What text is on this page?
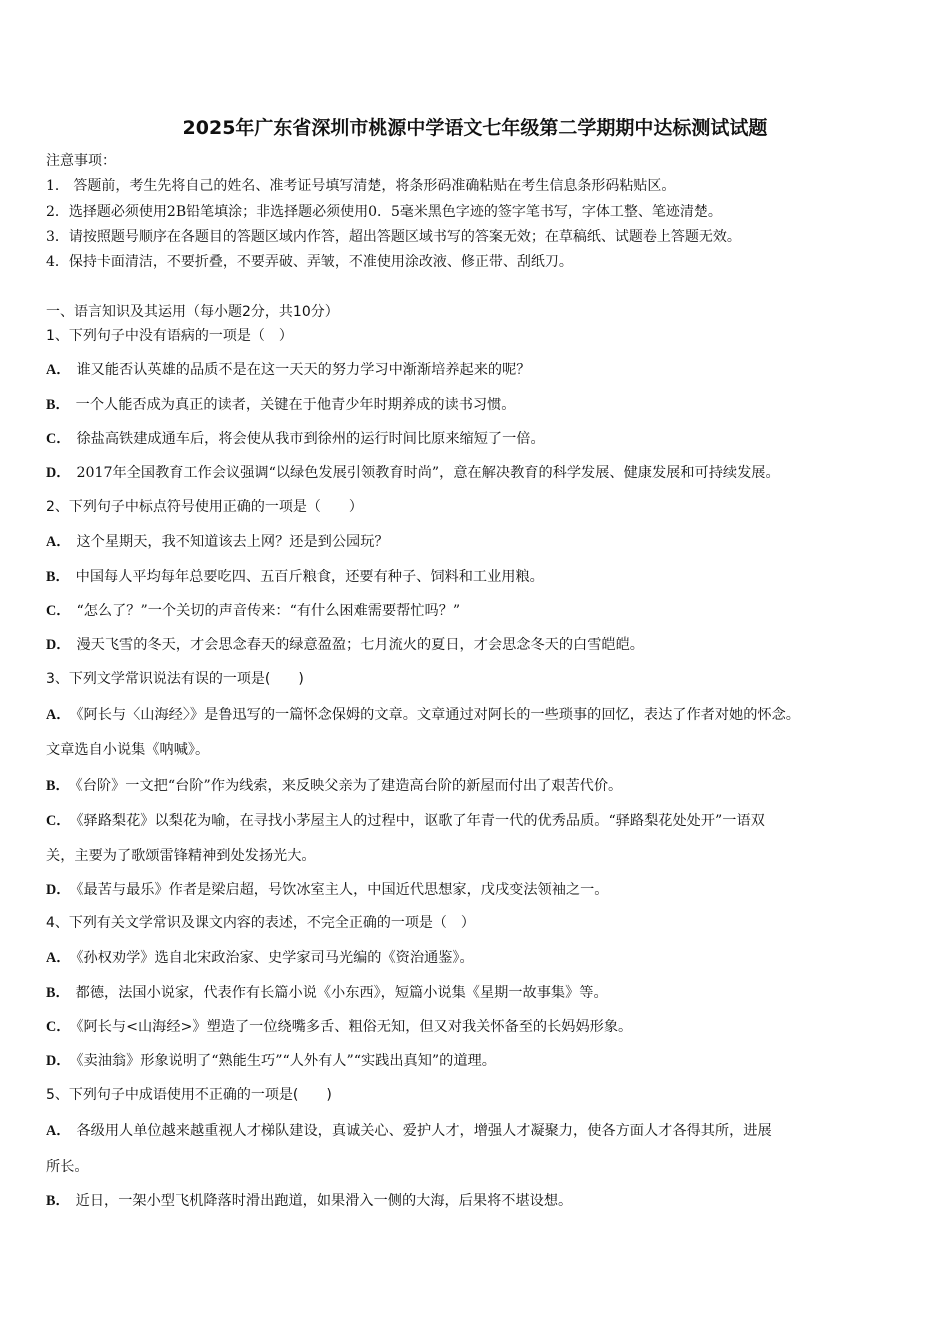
2025年广东省深圳市桃源中学语文七年级第二学期期中达标测试试题
注意事项：
1． 答题前，考生先将自己的姓名、准考证号填写清楚，将条形码准确粘贴在考生信息条形码粘贴区。
2．选择题必须使用2B铅笔填涂；非选择题必须使用0．5毫米黑色字迹的签字笔书写，字体工整、笔迹清楚。
3．请按照题号顺序在各题目的答题区域内作答，超出答题区域书写的答案无效；在草稿纸、试题卷上答题无效。
4．保持卡面清洁，不要折叠，不要弄破、弄皱，不准使用涂改液、修正带、刮纸刀。
一、语言知识及其运用（每小题2分，共10分）
1、下列句子中没有语病的一项是（　）
A． 谁又能否认英雄的品质不是在这一天天的努力学习中渐渐培养起来的呢？
B． 一个人能否成为真正的读者，关键在于他青少年时期养成的读书习惯。
C． 徐盐高铁建成通车后，将会使从我市到徐州的运行时间比原来缩短了一倍。
D． 2017年全国教育工作会议强调“以绿色发展引领教育时尚”，意在解决教育的科学发展、健康发展和可持续发展。
2、下列句子中标点符号使用正确的一项是（　　）
A． 这个星期天，我不知道该去上网？还是到公园玩？
B． 中国每人平均每年总要吃四、五百斤粮食，还要有种子、饲料和工业用粮。
C． “怎么了？”一个关切的声音传来：“有什么困难需要帮忙吗？”
D． 漫天飞雪的冬天，才会思念春天的绿意盈盈；七月流火的夏日，才会思念冬天的白雪皑皑。
3、下列文学常识说法有误的一项是(　　)
A． 《阿长与〈山海经〉》是鲁迅写的一篇怀念保姆的文章。文章通过对阿长的一些琐事的回忆，表达了作者对她的怀念。
文章选自小说集《呐喊》。
B． 《台阶》一文把“台阶”作为线索，来反映父亲为了建造高台阶的新屋而付出了艰苦代价。
C． 《驿路梨花》以梨花为喻，在寻找小茅屋主人的过程中，讴歌了年青一代的优秀品质。“驿路梨花处处开”一语双
关，主要为了歌颂雷锋精神到处发扬光大。
D． 《最苦与最乐》作者是梁启超，号饮冰室主人，中国近代思想家，戊戌变法领袖之一。
4、下列有关文学常识及课文内容的表述，不完全正确的一项是（　）
A． 《孙权劝学》选自北宋政治家、史学家司马光编的《资治通鉴》。
B． 都德，法国小说家，代表作有长篇小说《小东西》，短篇小说集《星期一故事集》等。
C． 《阿长与<山海经>》塑造了一位绕嘴多舌、粗俗无知，但又对我关怀备至的长妈妈形象。
D． 《卖油翁》形象说明了“熟能生巧”“人外有人”“实践出真知”的道理。
5、下列句子中成语使用不正确的一项是(　　)
A． 各级用人单位越来越重视人才梯队建设，真诚关心、爱护人才，增强人才凝聚力，使各方面人才各得其所，进展
所长。
B． 近日，一架小型飞机降落时滑出跑道，如果滑入一侧的大海，后果将不堪设想。
